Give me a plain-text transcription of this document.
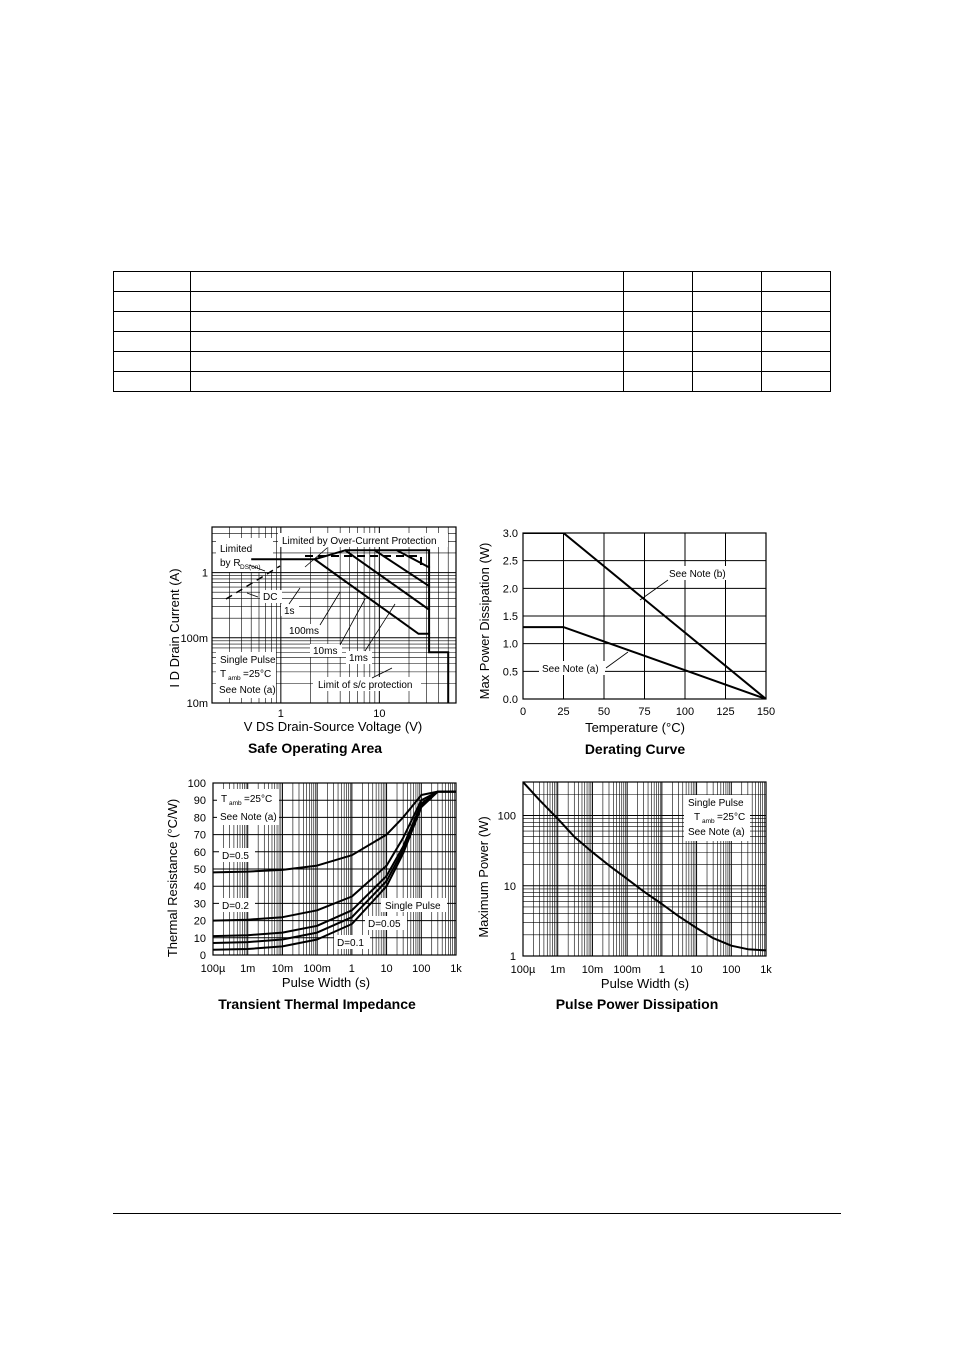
Limited
by R DS(on)
Limited by Over-Current Protection
DC
1s
100ms
10ms
1ms
Single Pulse
T amb =25°C
See Note (a)	Limit of s/c protection
1	10
1
100m
10m
I D Drain Current (A)
V DS Drain-Source Voltage (V)
Safe Operating Area
See Note (b)
See Note (a)
0	25	50	75 100 125 150
0.0
0.5
1.0
1.5
2.0
2.5
3.0
Max Power Dissipation (W)
Temperature (°C)
Derating Curve
T amb =25°C
See Note (a)
D=0.5
D=0.2
D=0.1
D=0.05
Single Pulse
100µ 1m 10m 100m 1 10 100 1k
0
10
20
30
40
50
60
70
80
90
100
Thermal Resistance (°C/W)
Pulse Width (s)
Transient Thermal Impedance
Single Pulse
T amb =25°C
See Note (a)
100µ 1m 10m 100m 1 10 100 1k
1
10
100
Maximum Power (W)
Pulse Width (s)
Pulse Power Dissipation
